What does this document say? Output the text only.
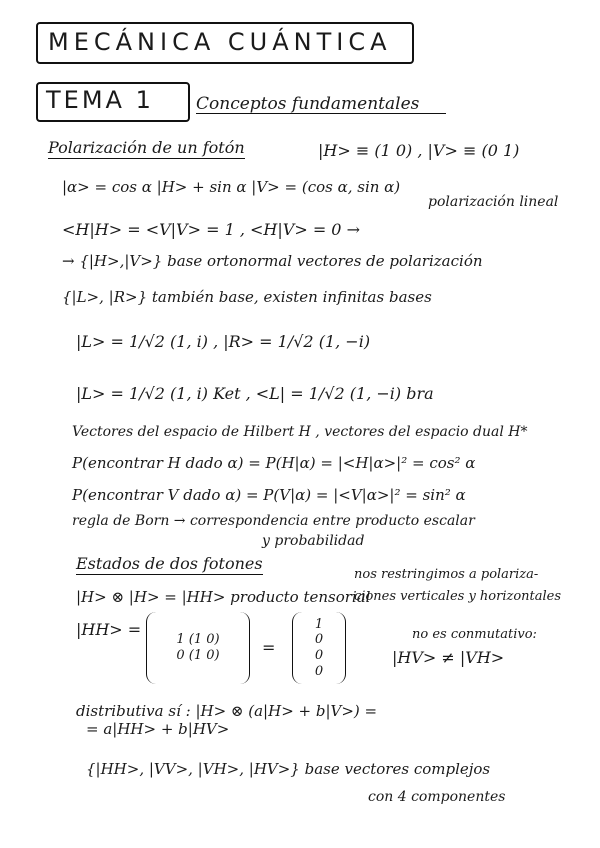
MECÁNICA CUÁNTICA
TEMA 1 Conceptos fundamentales
Polarización de un fotón	|H> ≡ (1 0) , |V> ≡ (0 1)
|α> = cos α |H> + sin α |V> = (cos α, sin α)
polarización lineal
<H|H> = <V|V> = 1 , <H|V> = 0 →
→ {|H>,|V>} base ortonormal vectores de polarización
{|L>, |R>} también base, existen infinitas bases
|L> = 1/√2 (1, i) , |R> = 1/√2 (1, −i)
|L> = 1/√2 (1, i) Ket , <L| = 1/√2 (1, −i) bra
Vectores del espacio de Hilbert H , vectores del espacio dual H*
P(encontrar H dado α) = P(H|α) = |<H|α>|² = cos² α
P(encontrar V dado α) = P(V|α) = |<V|α>|² = sin² α
regla de Born → correspondencia entre producto escalar
y probabilidad
Estados de dos fotones
nos restringimos a polariza-
ciones verticales y horizontales
|H> ⊗ |H> = |HH> producto tensorial
|HH> =
1 (1 0)
0 (1 0)	=
1
0
0
0
no es conmutativo:
|HV> ≠ |VH>
distributiva sí : |H> ⊗ (a|H> + b|V>) =
= a|HH> + b|HV>
{|HH>, |VV>, |VH>, |HV>} base vectores complejos
con 4 componentes
